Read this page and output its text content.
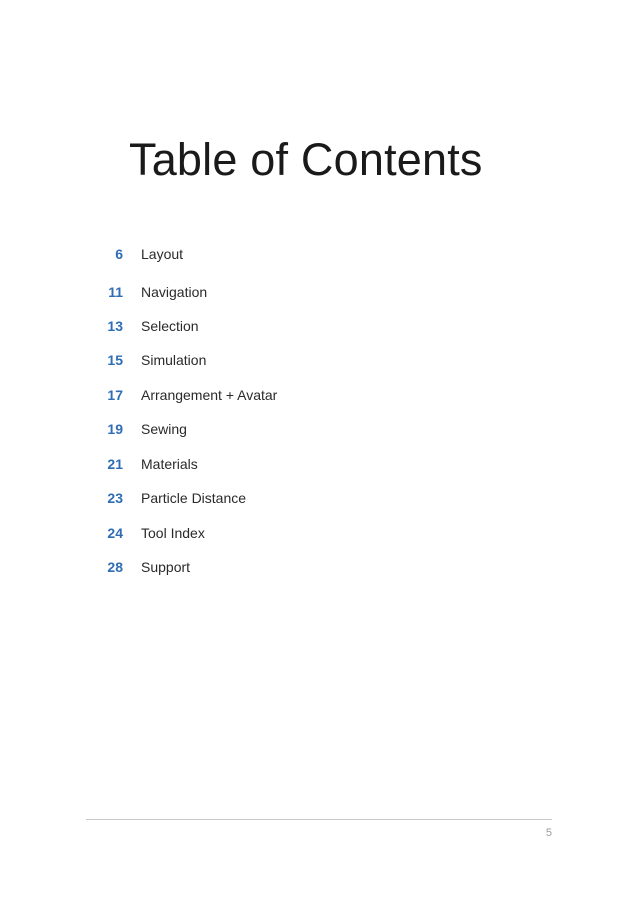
Table of Contents
6 Layout
11 Navigation
13 Selection
15 Simulation
17 Arrangement + Avatar
19 Sewing
21 Materials
23 Particle Distance
24 Tool Index
28 Support
5
